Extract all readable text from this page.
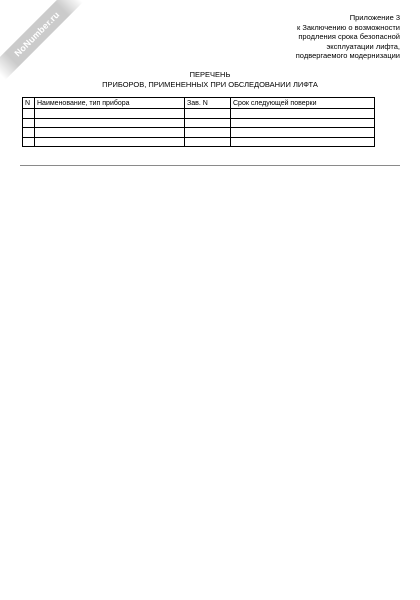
NoNumber.ru	Приложение 3
к Заключению о возможности
продления срока безопасной
эксплуатации лифта,
подвергаемого модернизации
ПЕРЕЧЕНЬ
ПРИБОРОВ, ПРИМЕНЕННЫХ ПРИ ОБСЛЕДОВАНИИ ЛИФТА
N	Наименование, тип прибора	Зав. N	Срок следующей поверки
